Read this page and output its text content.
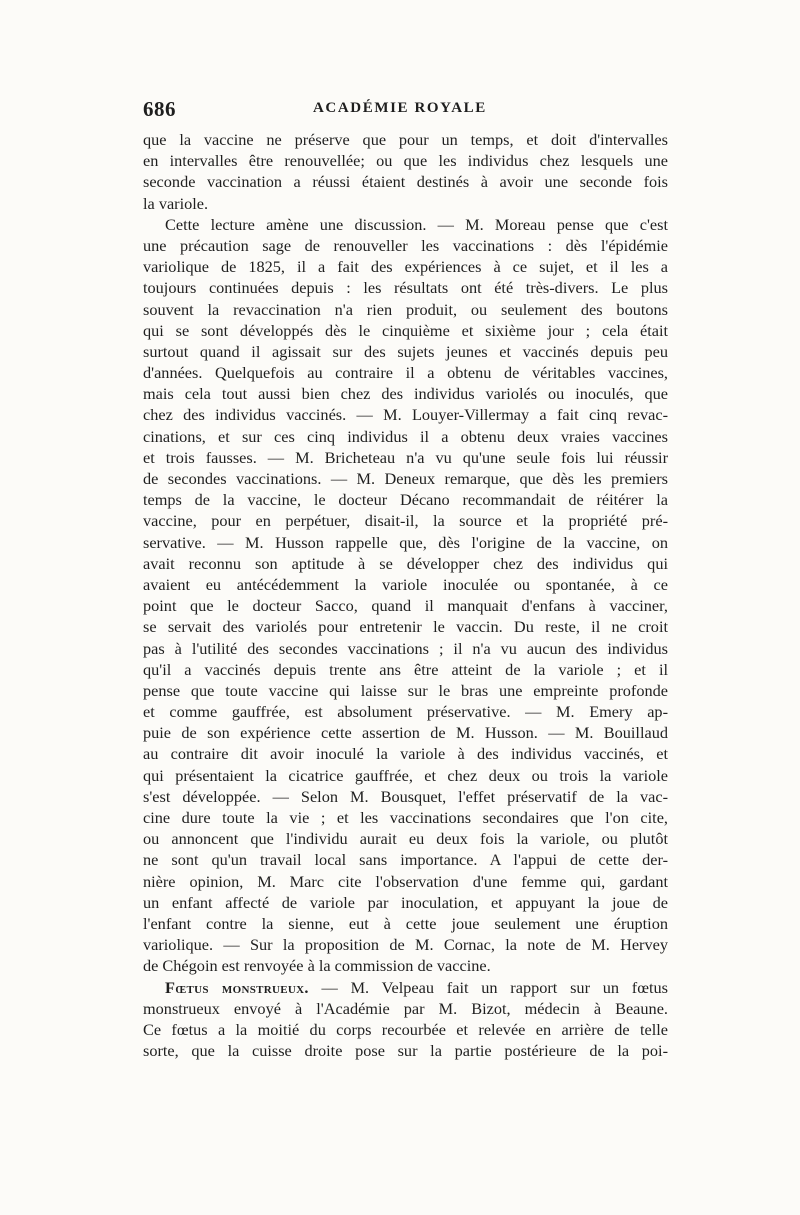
686	ACADÉMIE ROYALE
que la vaccine ne préserve que pour un temps, et doit d'intervalles
en intervalles être renouvellée; ou que les individus chez lesquels une
seconde vaccination a réussi étaient destinés à avoir une seconde fois
la variole.
Cette lecture amène une discussion. — M. Moreau pense que c'est
une précaution sage de renouveller les vaccinations : dès l'épidémie
variolique de 1825, il a fait des expériences à ce sujet, et il les a
toujours continuées depuis : les résultats ont été très-divers. Le plus
souvent la revaccination n'a rien produit, ou seulement des boutons
qui se sont développés dès le cinquième et sixième jour ; cela était
surtout quand il agissait sur des sujets jeunes et vaccinés depuis peu
d'années. Quelquefois au contraire il a obtenu de véritables vaccines,
mais cela tout aussi bien chez des individus variolés ou inoculés, que
chez des individus vaccinés. — M. Louyer-Villermay a fait cinq revac-
cinations, et sur ces cinq individus il a obtenu deux vraies vaccines
et trois fausses. — M. Bricheteau n'a vu qu'une seule fois lui réussir
de secondes vaccinations. — M. Deneux remarque, que dès les premiers
temps de la vaccine, le docteur Décano recommandait de réitérer la
vaccine, pour en perpétuer, disait-il, la source et la propriété pré-
servative. — M. Husson rappelle que, dès l'origine de la vaccine, on
avait reconnu son aptitude à se développer chez des individus qui
avaient eu antécédemment la variole inoculée ou spontanée, à ce
point que le docteur Sacco, quand il manquait d'enfans à vacciner,
se servait des variolés pour entretenir le vaccin. Du reste, il ne croit
pas à l'utilité des secondes vaccinations ; il n'a vu aucun des individus
qu'il a vaccinés depuis trente ans être atteint de la variole ; et il
pense que toute vaccine qui laisse sur le bras une empreinte profonde
et comme gauffrée, est absolument préservative. — M. Emery ap-
puie de son expérience cette assertion de M. Husson. — M. Bouillaud
au contraire dit avoir inoculé la variole à des individus vaccinés, et
qui présentaient la cicatrice gauffrée, et chez deux ou trois la variole
s'est développée. — Selon M. Bousquet, l'effet préservatif de la vac-
cine dure toute la vie ; et les vaccinations secondaires que l'on cite,
ou annoncent que l'individu aurait eu deux fois la variole, ou plutôt
ne sont qu'un travail local sans importance. A l'appui de cette der-
nière opinion, M. Marc cite l'observation d'une femme qui, gardant
un enfant affecté de variole par inoculation, et appuyant la joue de
l'enfant contre la sienne, eut à cette joue seulement une éruption
variolique. — Sur la proposition de M. Cornac, la note de M. Hervey
de Chégoin est renvoyée à la commission de vaccine.
Fœtus monstrueux. — M. Velpeau fait un rapport sur un fœtus
monstrueux envoyé à l'Académie par M. Bizot, médecin à Beaune.
Ce fœtus a la moitié du corps recourbée et relevée en arrière de telle
sorte, que la cuisse droite pose sur la partie postérieure de la poi-
